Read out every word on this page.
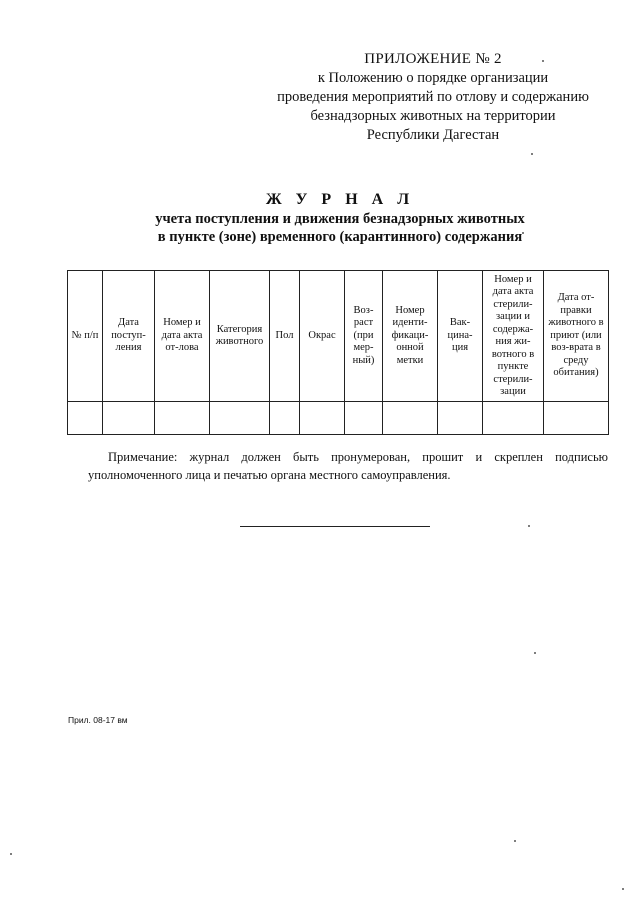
ПРИЛОЖЕНИЕ № 2
к Положению о порядке организации
проведения мероприятий по отлову и содержанию
безнадзорных животных на территории
Республики Дагестан
Ж У Р Н А Л
учета поступления и движения безнадзорных животных
в пункте (зоне) временного (карантинного) содержания
№ п/п	Дата поступ-ления	Номер и дата акта от-лова	Категория животного	Пол	Окрас	Воз-раст (при мер-ный)	Номер иденти-фикаци-онной метки	Вак-цина-ция	Номер и дата акта стерили-зации и содержа-ния жи-вотного в пункте стерили-зации	Дата от-правки животного в приют (или воз-врата в среду обитания)

Примечание: журнал должен быть пронумерован, прошит и скреплен подписью уполномоченного лица и печатью органа местного самоуправления.
Прил. 08-17 вм
